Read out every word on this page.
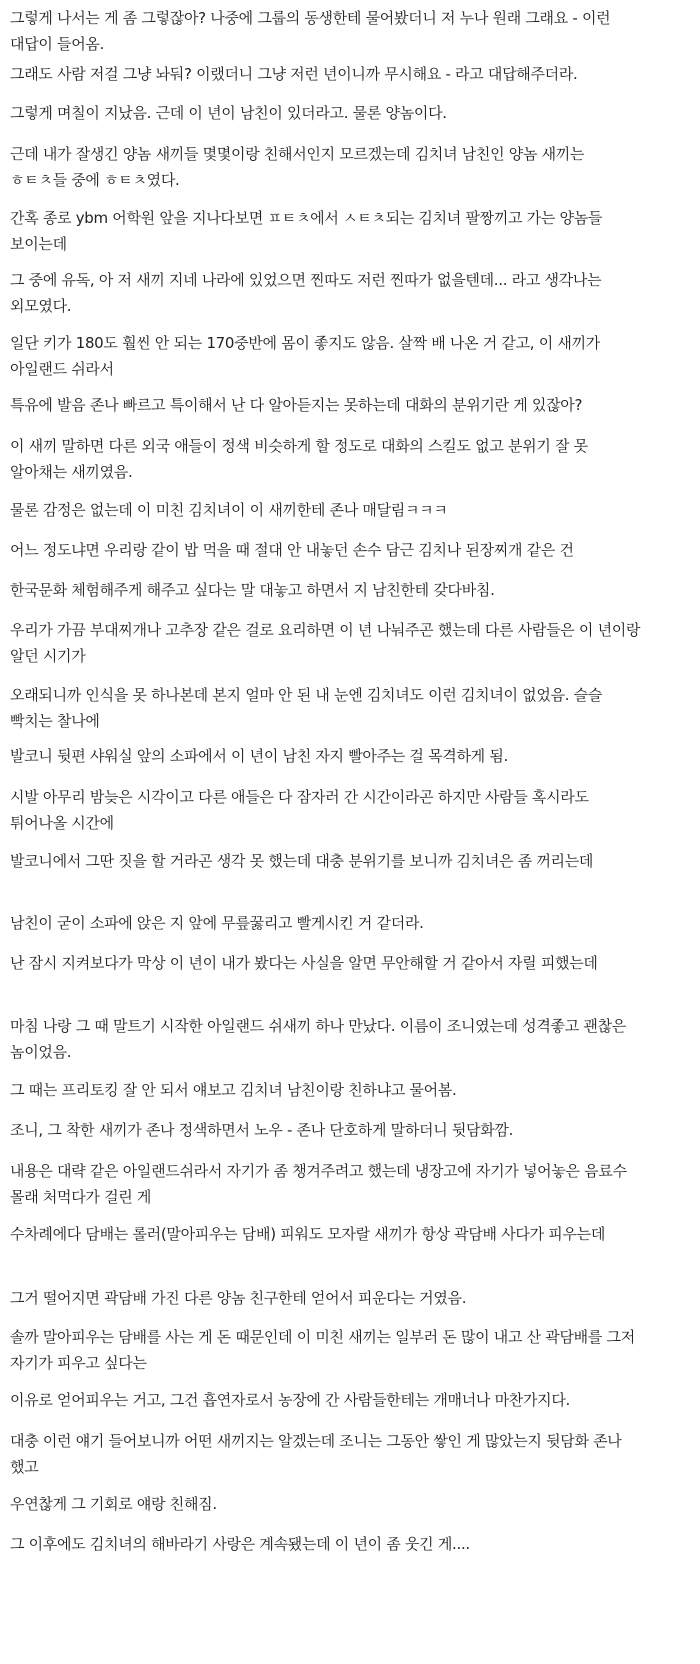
그렇게 나서는 게 좀 그렇잖아? 나중에 그룹의 동생한테 물어봤더니 저 누나 원래 그래요 - 이런 대답이 들어옴.

그래도 사람 저걸 그냥 놔둬? 이랬더니 그냥 저런 년이니까 무시해요 - 라고 대답해주더라.

그렇게 며칠이 지났음. 근데 이 년이 남친이 있더라고. 물론 양놈이다.

근데 내가 잘생긴 양놈 새끼들 몇몇이랑 친해서인지 모르겠는데 김치녀 남친인 양놈 새끼는 ㅎㅌㅊ들 중에 ㅎㅌㅊ였다.

간혹 종로 ybm 어학원 앞을 지나다보면 ㅍㅌㅊ에서 ㅅㅌㅊ되는 김치녀 팔짱끼고 가는 양놈들 보이는데

그 중에 유독, 아 저 새끼 지네 나라에 있었으면 찐따도 저런 찐따가 없을텐데... 라고 생각나는 외모였다.

일단 키가 180도 훨씬 안 되는 170중반에 몸이 좋지도 않음. 살짝 배 나온 거 같고, 이 새끼가 아일랜드 쉬라서

특유에 발음 존나 빠르고 특이해서 난 다 알아듣지는 못하는데 대화의 분위기란 게 있잖아?

이 새끼 말하면 다른 외국 애들이 정색 비슷하게 할 정도로 대화의 스킬도 없고 분위기 잘 못 알아채는 새끼였음.

물론 감정은 없는데 이 미친 김치녀이 이 새끼한테 존나 매달림ㅋㅋㅋ

어느 정도냐면 우리랑 같이 밥 먹을 때 절대 안 내놓던 손수 담근 김치나 된장찌개 같은 건

한국문화 체험해주게 해주고 싶다는 말 대놓고 하면서 지 남친한테 갖다바침.

우리가 가끔 부대찌개나 고추장 같은 걸로 요리하면 이 년 나눠주곤 했는데 다른 사람들은 이 년이랑 알던 시기가

오래되니까 인식을 못 하나본데 본지 얼마 안 된 내 눈엔 김치녀도 이런 김치녀이 없었음. 슬슬 빡치는 찰나에

발코니 뒷편 샤워실 앞의 소파에서 이 년이 남친 자지 빨아주는 걸 목격하게 됨.

시발 아무리 밤늦은 시각이고 다른 애들은 다 잠자러 간 시간이라곤 하지만 사람들 혹시라도 튀어나올 시간에

발코니에서 그딴 짓을 할 거라곤 생각 못 했는데 대충 분위기를 보니까 김치녀은 좀 꺼리는데

남친이 굳이 소파에 앉은 지 앞에 무릎꿇리고 빨게시킨 거 같더라.

난 잠시 지켜보다가 막상 이 년이 내가 봤다는 사실을 알면 무안해할 거 같아서 자릴 피했는데

마침 나랑 그 때 말트기 시작한 아일랜드 쉬새끼 하나 만났다. 이름이 조니였는데 성격좋고 괜찮은 놈이었음.

그 때는 프리토킹 잘 안 되서 얘보고 김치녀 남친이랑 친하냐고 물어봄.

조니, 그 착한 새끼가 존나 정색하면서 노우 - 존나 단호하게 말하더니 뒷담화깜.

내용은 대략 같은 아일랜드쉬라서 자기가 좀 챙겨주려고 했는데 냉장고에 자기가 넣어놓은 음료수 몰래 처먹다가 걸린 게

수차례에다 담배는 롤러(말아피우는 담배) 피워도 모자랄 새끼가 항상 곽담배 사다가 피우는데

그거 떨어지면 곽담배 가진 다른 양놈 친구한테 얻어서 피운다는 거였음.

솔까 말아피우는 담배를 사는 게 돈 때문인데 이 미친 새끼는 일부러 돈 많이 내고 산 곽담배를 그저 자기가 피우고 싶다는

이유로 얻어피우는 거고, 그건 흡연자로서 농장에 간 사람들한테는 개매너나 마찬가지다.

대충 이런 얘기 들어보니까 어떤 새끼지는 알겠는데 조니는 그동안 쌓인 게 많았는지 뒷담화 존나 했고

우연찮게 그 기회로 얘랑 친해짐.

그 이후에도 김치녀의 해바라기 사랑은 계속됐는데 이 년이 좀 웃긴 게....
